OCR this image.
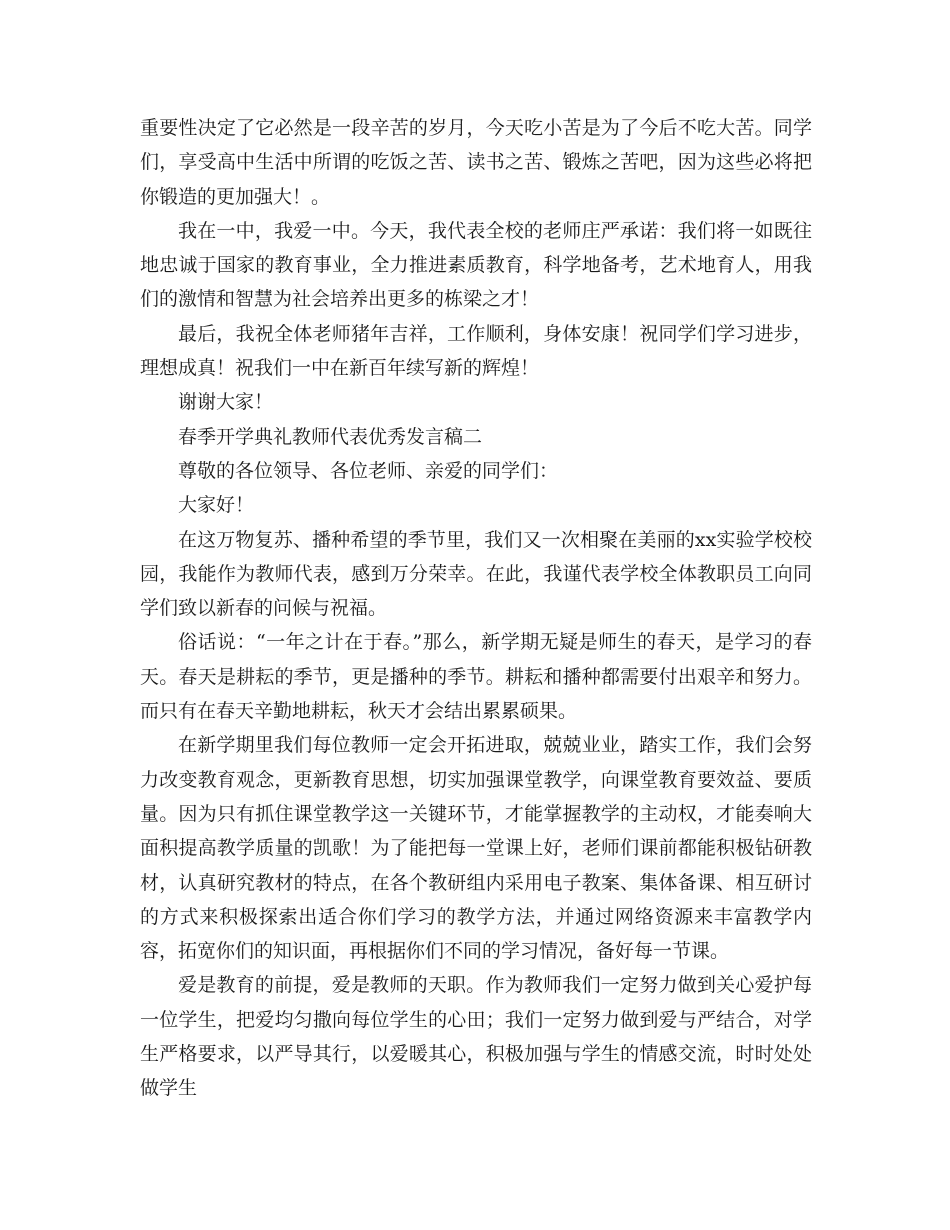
重要性决定了它必然是一段辛苦的岁月，今天吃小苦是为了今后不吃大苦。同学们，享受高中生活中所谓的吃饭之苦、读书之苦、锻炼之苦吧，因为这些必将把你锻造的更加强大！。

我在一中，我爱一中。今天，我代表全校的老师庄严承诺：我们将一如既往地忠诚于国家的教育事业，全力推进素质教育，科学地备考，艺术地育人，用我们的激情和智慧为社会培养出更多的栋梁之才！

最后，我祝全体老师猪年吉祥，工作顺利，身体安康！祝同学们学习进步，理想成真！祝我们一中在新百年续写新的辉煌！

谢谢大家！

春季开学典礼教师代表优秀发言稿二

尊敬的各位领导、各位老师、亲爱的同学们：

大家好！

在这万物复苏、播种希望的季节里，我们又一次相聚在美丽的xx实验学校校园，我能作为教师代表，感到万分荣幸。在此，我谨代表学校全体教职员工向同学们致以新春的问候与祝福。

俗话说：“一年之计在于春。”那么，新学期无疑是师生的春天，是学习的春天。春天是耕耘的季节，更是播种的季节。耕耘和播种都需要付出艰辛和努力。而只有在春天辛勤地耕耘，秋天才会结出累累硕果。

在新学期里我们每位教师一定会开拓进取，兢兢业业，踏实工作，我们会努力改变教育观念，更新教育思想，切实加强课堂教学，向课堂教育要效益、要质量。因为只有抓住课堂教学这一关键环节，才能掌握教学的主动权，才能奏响大面积提高教学质量的凯歌！为了能把每一堂课上好，老师们课前都能积极钻研教材，认真研究教材的特点，在各个教研组内采用电子教案、集体备课、相互研讨的方式来积极探索出适合你们学习的教学方法，并通过网络资源来丰富教学内容，拓宽你们的知识面，再根据你们不同的学习情况，备好每一节课。

爱是教育的前提，爱是教师的天职。作为教师我们一定努力做到关心爱护每一位学生，把爱均匀撒向每位学生的心田；我们一定努力做到爱与严结合，对学生严格要求，以严导其行，以爱暖其心，积极加强与学生的情感交流，时时处处做学生
